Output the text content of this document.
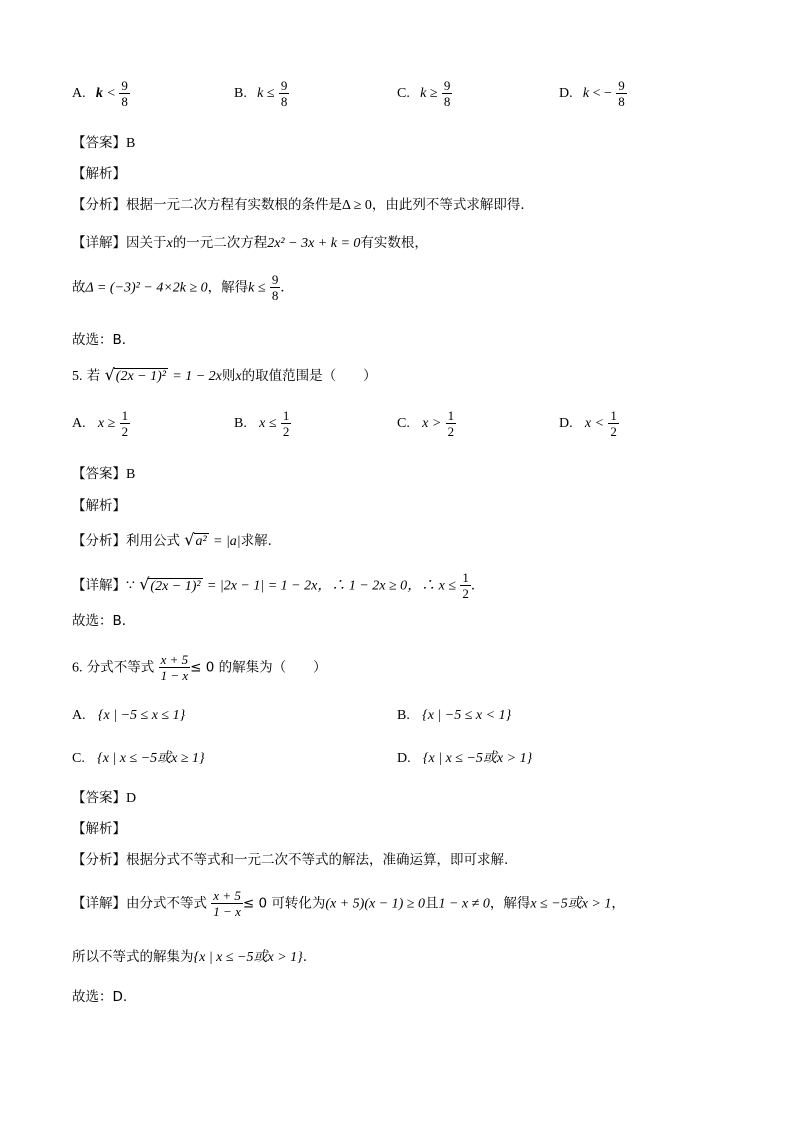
A. $k < \frac{9}{8}$	B. $k \le \frac{9}{8}$	C. $k \ge \frac{9}{8}$	D. k < − $\frac{9}{8}$
【答案】B
【解析】
【分析】根据一元二次方程有实数根的条件是Δ ≥ 0，由此列不等式求解即得．
【详解】因关于x的一元二次方程2x² − 3x + k = 0有实数根，
故Δ = (−3)² − 4×2k ≥ 0，解得$k \le \frac{9}{8}$ ．
故选：B．
5. 若 √(2x − 1)² = 1 − 2x则x的取值范围是（　　）
A. $x \ge \frac{1}{2}$	B. $x \le \frac{1}{2}$	C. $x > \frac{1}{2}$	D. $x < \frac{1}{2}$
【答案】B
【解析】
【分析】利用公式 √a² = |a|求解.
【详解】∵ √(2x − 1)² = |2x − 1| = 1 − 2x，∴ 1 − 2x ≥ 0，∴ $x \le \frac{1}{2}$ ．
故选：B．
6. 分式不等式 $\frac{x + 5}{1 - x} \le 0$ 的解集为（　　）
A. {x | −5 ≤ x ≤ 1}	B. {x | −5 ≤ x < 1}
C. {x | x ≤ −5或x ≥ 1}	D. {x | x ≤ −5或x > 1}
【答案】D
【解析】
【分析】根据分式不等式和一元二次不等式的解法，准确运算，即可求解.
【详解】由分式不等式 $\frac{x + 5}{1 - x} \le 0$ 可转化为(x + 5)(x − 1) ≥ 0且1 − x ≠ 0，解得x ≤ −5或x > 1，
所以不等式的解集为{x | x ≤ −5或x > 1}.
故选：D.
